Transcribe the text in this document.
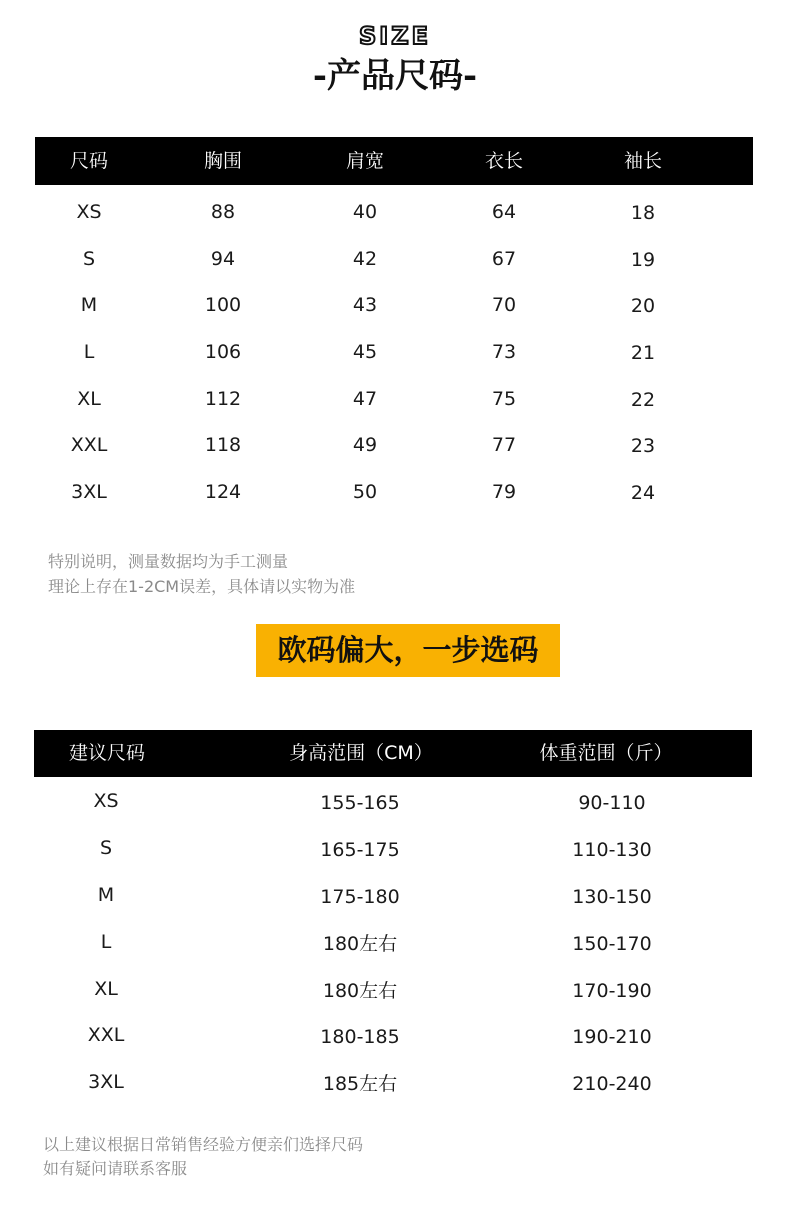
SIZE
-产品尺码-
尺码	胸围	肩宽	衣长	袖长
XS	88	40	64	18
S	94	42	67	19
M	100	43	70	20
L	106	45	73	21
XL	112	47	75	22
XXL	118	49	77	23
3XL	124	50	79	24
特别说明，测量数据均为手工测量
理论上存在1-2CM误差，具体请以实物为准
欧码偏大，一步选码
建议尺码	身高范围（CM）	体重范围（斤）
XS	155-165	90-110
S	165-175	110-130
M	175-180	130-150
L	180左右	150-170
XL	180左右	170-190
XXL	180-185	190-210
3XL	185左右	210-240
以上建议根据日常销售经验方便亲们选择尺码
如有疑问请联系客服
